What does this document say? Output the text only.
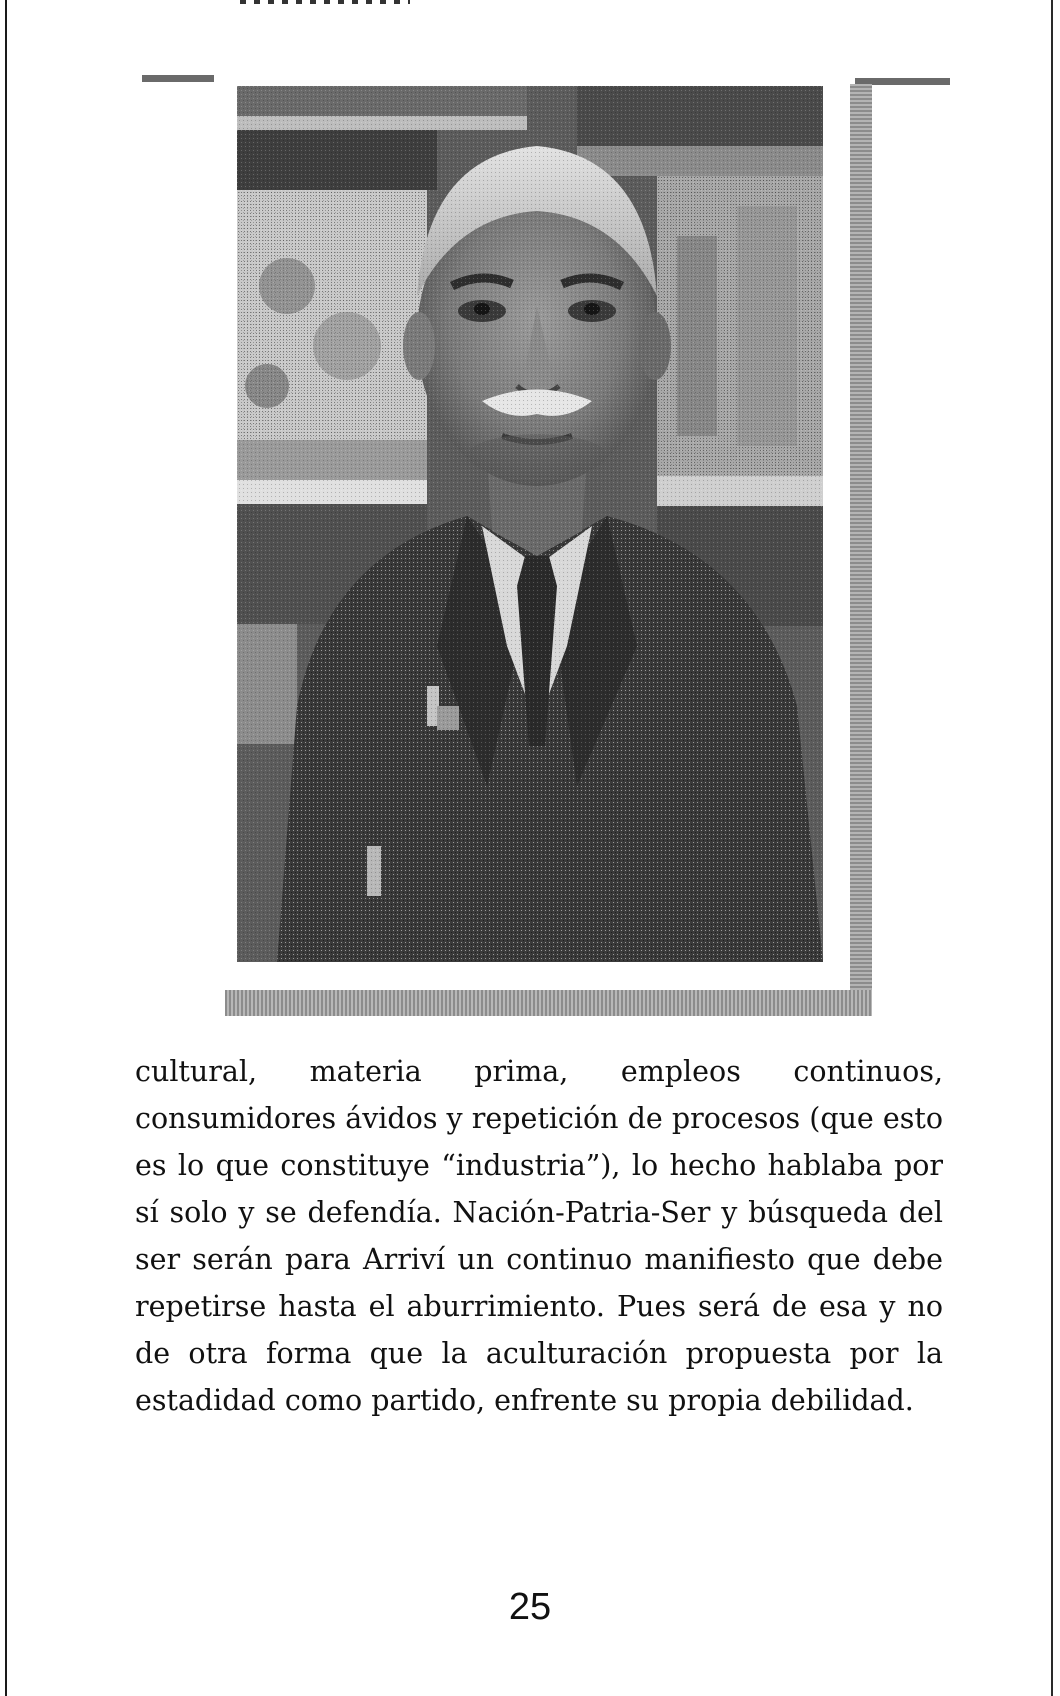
cultural, materia prima, empleos continuos, consumidores ávidos y repetición de procesos (que esto es lo que constituye “industria”), lo hecho hablaba por sí solo y se defendía. Nación-Patria-Ser y búsqueda del ser serán para Arriví un continuo manifiesto que debe repetirse hasta el aburrimiento. Pues será de esa y no de otra forma que la aculturación propuesta por la estadidad como partido, enfrente su propia debilidad.

25
